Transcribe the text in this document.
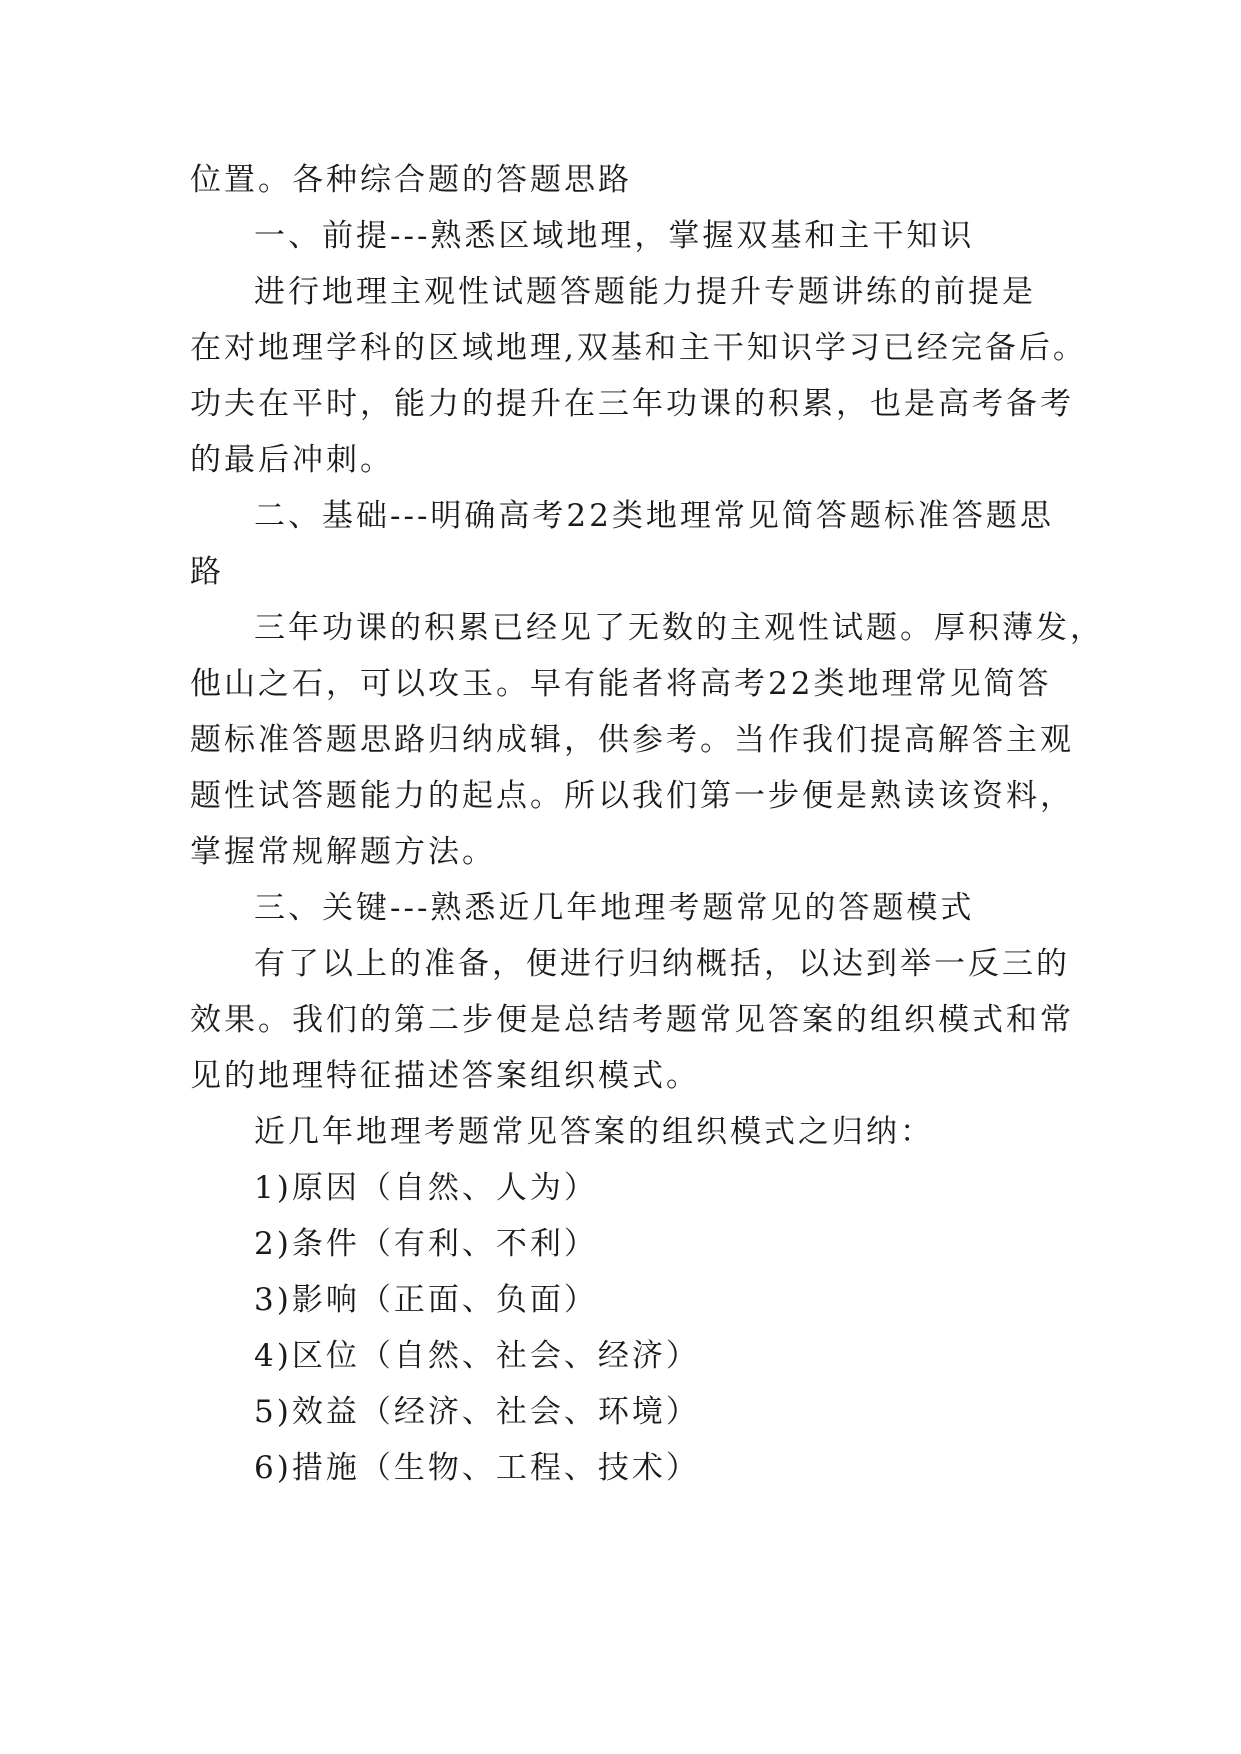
位置。各种综合题的答题思路
一、前提---熟悉区域地理，掌握双基和主干知识
进行地理主观性试题答题能力提升专题讲练的前提是
在对地理学科的区域地理,双基和主干知识学习已经完备后。
功夫在平时，能力的提升在三年功课的积累，也是高考备考
的最后冲刺。
二、基础---明确高考22类地理常见简答题标准答题思
路
三年功课的积累已经见了无数的主观性试题。厚积薄发，
他山之石，可以攻玉。早有能者将高考22类地理常见简答
题标准答题思路归纳成辑，供参考。当作我们提高解答主观
题性试答题能力的起点。所以我们第一步便是熟读该资料，
掌握常规解题方法。
三、关键---熟悉近几年地理考题常见的答题模式
有了以上的准备，便进行归纳概括，以达到举一反三的
效果。我们的第二步便是总结考题常见答案的组织模式和常
见的地理特征描述答案组织模式。
近几年地理考题常见答案的组织模式之归纳：
1)原因（自然、人为）
2)条件（有利、不利）
3)影响（正面、负面）
4)区位（自然、社会、经济）
5)效益（经济、社会、环境）
6)措施（生物、工程、技术）
